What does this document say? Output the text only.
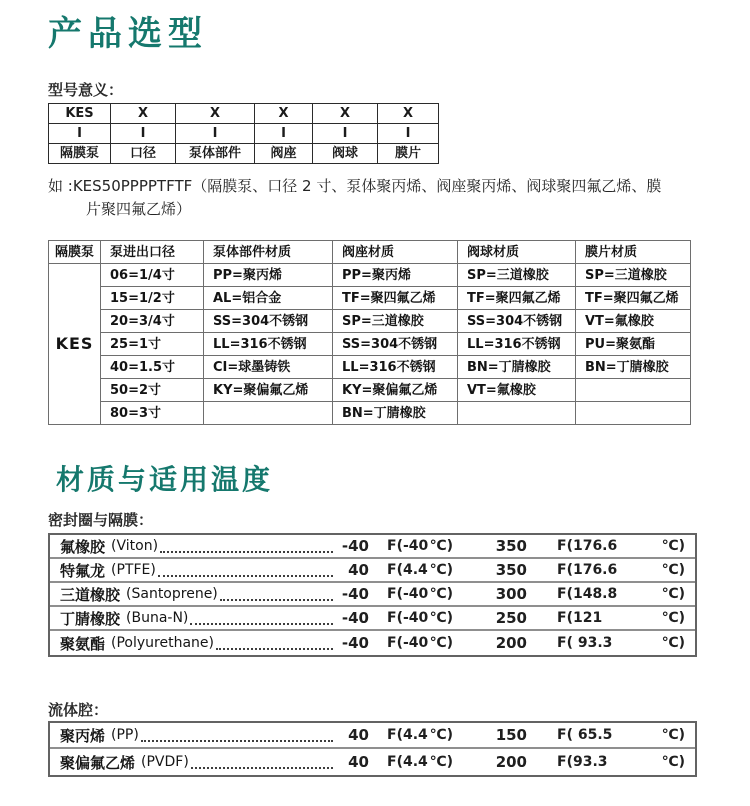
产品选型
型号意义：
KES	X	X	X	X	X
I	I	I	I	I	I
隔膜泵	口径	泵体部件	阀座	阀球	膜片
如 :KES50PPPPTFTF（隔膜泵、口径 2 寸、泵体聚丙烯、阀座聚丙烯、阀球聚四氟乙烯、膜
片聚四氟乙烯）
隔膜泵	泵进出口径	泵体部件材质	阀座材质	阀球材质	膜片材质
KES	06=1/4寸	PP=聚丙烯	PP=聚丙烯	SP=三道橡胶	SP=三道橡胶
	15=1/2寸	AL=铝合金	TF=聚四氟乙烯	TF=聚四氟乙烯	TF=聚四氟乙烯
	20=3/4寸	SS=304不锈钢	SP=三道橡胶	SS=304不锈钢	VT=氟橡胶
	25=1寸	LL=316不锈钢	SS=304不锈钢	LL=316不锈钢	PU=聚氨酯
	40=1.5寸	CI=球墨铸铁	LL=316不锈钢	BN=丁腈橡胶	BN=丁腈橡胶
	50=2寸	KY=聚偏氟乙烯	KY=聚偏氟乙烯	VT=氟橡胶	
	80=3寸		BN=丁腈橡胶		
材质与适用温度
密封圈与隔膜：
氟橡胶 (Viton)	-40 F(-40 ℃)	350 F(176.6	℃)
特氟龙 (PTFE)	40 F(4.4 ℃)	350 F(176.6	℃)
三道橡胶 (Santoprene)	-40 F(-40 ℃)	300 F(148.8	℃)
丁腈橡胶 (Buna-N)	-40 F(-40 ℃)	250 F(121	℃)
聚氨酯 (Polyurethane)	-40 F(-40 ℃)	200 F( 93.3	℃)
流体腔：
聚丙烯 (PP)	40 F(4.4 ℃)	150 F( 65.5	℃)
聚偏氟乙烯 (PVDF)	40 F(4.4 ℃)	200 F(93.3	℃)
